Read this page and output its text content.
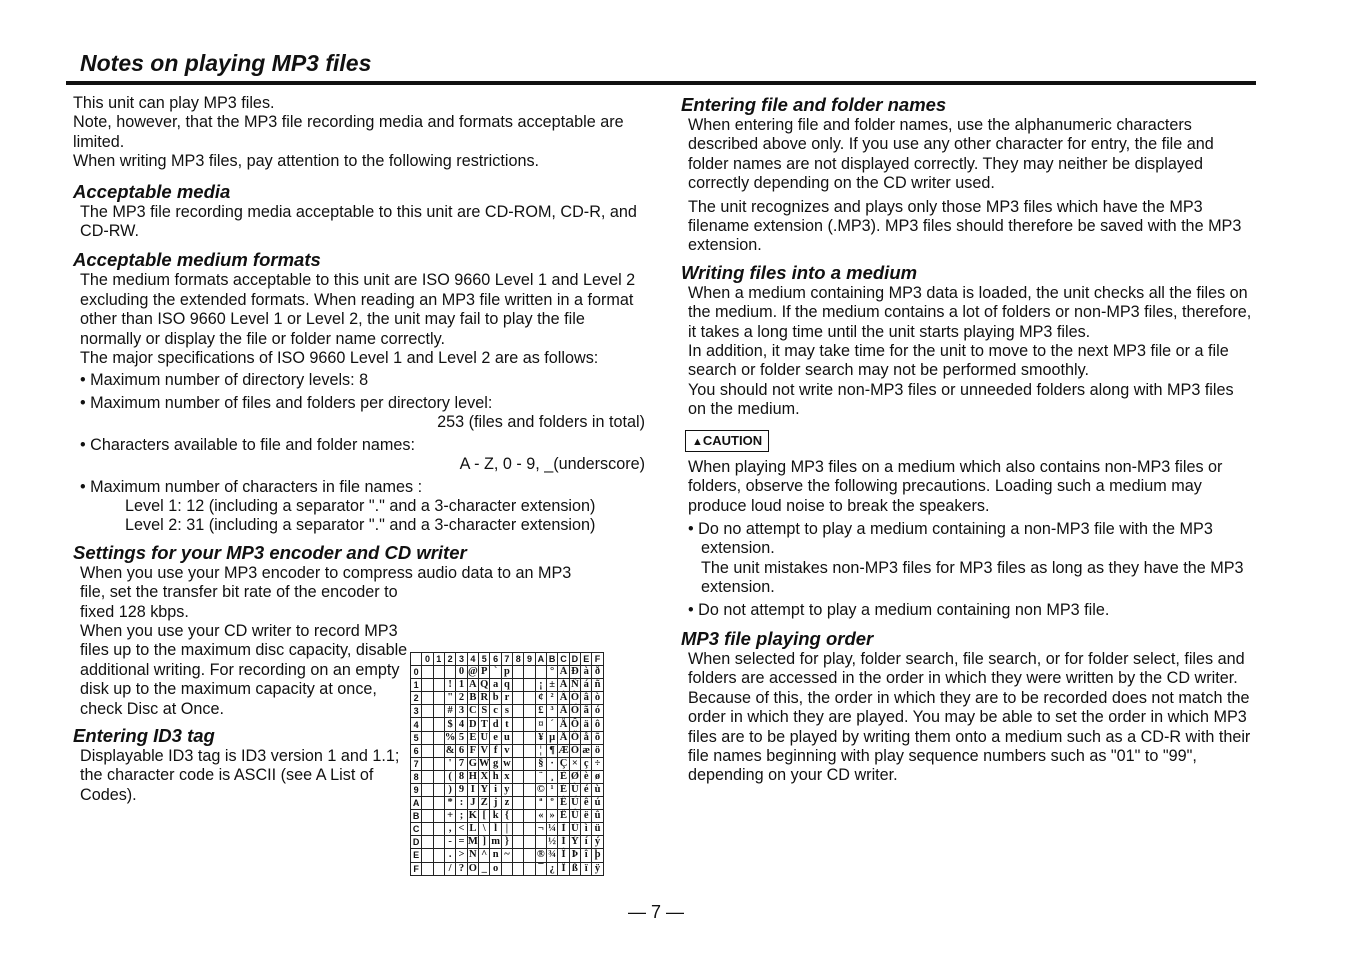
Notes on playing MP3 files

This unit can play MP3 files.

Note, however, that the MP3 file recording media and formats acceptable are limited.

When writing MP3 files, pay attention to the following restrictions.

Acceptable media

The MP3 file recording media acceptable to this unit are CD-ROM, CD-R, and CD-RW.

Acceptable medium formats

The medium formats acceptable to this unit are ISO 9660 Level 1 and Level 2 excluding the extended formats. When reading an MP3 file written in a format other than ISO 9660 Level 1 or Level 2, the unit may fail to play the file normally or display the file or folder name correctly.

The major specifications of ISO 9660 Level 1 and Level 2 are as follows:

• Maximum number of directory levels: 8

• Maximum number of files and folders per directory level:

253 (files and folders in total)

• Characters available to file and folder names:

A - Z, 0 - 9, _(underscore)

• Maximum number of characters in file names :

Level 1: 12 (including a separator "." and a 3-character extension)

Level 2: 31 (including a separator "." and a 3-character extension)

Settings for your MP3 encoder and CD writer

When you use your MP3 encoder to compress audio data to an MP3

file, set the transfer bit rate of the encoder to fixed 128 kbps.

When you use your CD writer to record MP3 files up to the maximum disc capacity, disable additional writing. For recording on an empty disk up to the maximum capacity at once, check Disc at Once.

Entering ID3 tag

Displayable ID3 tag is ID3 version 1 and 1.1; the character code is ASCII (see A List of Codes).

	0	1	2	3	4	5	6	7	8	9	A	B	C	D	E	F
0				0	@	P	`	p				°	À	Ð	à	ð
1			!	1	A	Q	a	q			¡	±	Á	Ñ	á	ñ
2			"	2	B	R	b	r			¢	²	Â	Ò	â	ò
3			#	3	C	S	c	s			£	³	Ã	Ó	ã	ó
4			$	4	D	T	d	t			¤	´	Ä	Ô	ä	ô
5			%	5	E	U	e	u			¥	µ	Å	Õ	å	õ
6			&	6	F	V	f	v			¦	¶	Æ	Ö	æ	ö
7			'	7	G	W	g	w			§	·	Ç	×	ç	÷
8			(	8	H	X	h	x			¨	¸	È	Ø	è	ø
9			)	9	I	Y	i	y			©	¹	É	Ù	é	ù
A			*	:	J	Z	j	z			ª	º	Ê	Ú	ê	ú
B			+	;	K	[	k	{			«	»	Ë	Û	ë	û
C			,	<	L	\	l	|			¬	¼	Ì	Ü	ì	ü
D			-	=	M	]	m	}				½	Í	Ý	í	ý
E			.	>	N	^	n	~			®	¾	Î	Þ	î	þ
F			/	?	O	_	o				¯	¿	Ï	ß	ï	ÿ

Entering file and folder names

When entering file and folder names, use the alphanumeric characters described above only. If you use any other character for entry, the file and folder names are not displayed correctly. They may neither be displayed correctly depending on the CD writer used.

The unit recognizes and plays only those MP3 files which have the MP3 filename extension (.MP3). MP3 files should therefore be saved with the MP3 extension.

Writing files into a medium

When a medium containing MP3 data is loaded, the unit checks all the files on the medium. If the medium contains a lot of folders or non-MP3 files, therefore, it takes a long time until the unit starts playing MP3 files.

In addition, it may take time for the unit to move to the next MP3 file or a file search or folder search may not be performed smoothly.

You should not write non-MP3 files or unneeded folders along with MP3 files on the medium.

▲CAUTION

When playing MP3 files on a medium which also contains non-MP3 files or folders, observe the following precautions. Loading such a medium may produce loud noise to break the speakers.

• Do no attempt to play a medium containing a non-MP3 file with the MP3 extension.

The unit mistakes non-MP3 files for MP3 files as long as they have the MP3 extension.

• Do not attempt to play a medium containing non MP3 file.

MP3 file playing order

When selected for play, folder search, file search, or for folder select, files and folders are accessed in the order in which they were written by the CD writer.

Because of this, the order in which they are to be recorded does not match the order in which they are played. You may be able to set the order in which MP3 files are to be played by writing them onto a medium such as a CD-R with their file names beginning with play sequence numbers such as "01" to "99", depending on your CD writer.

— 7 —
